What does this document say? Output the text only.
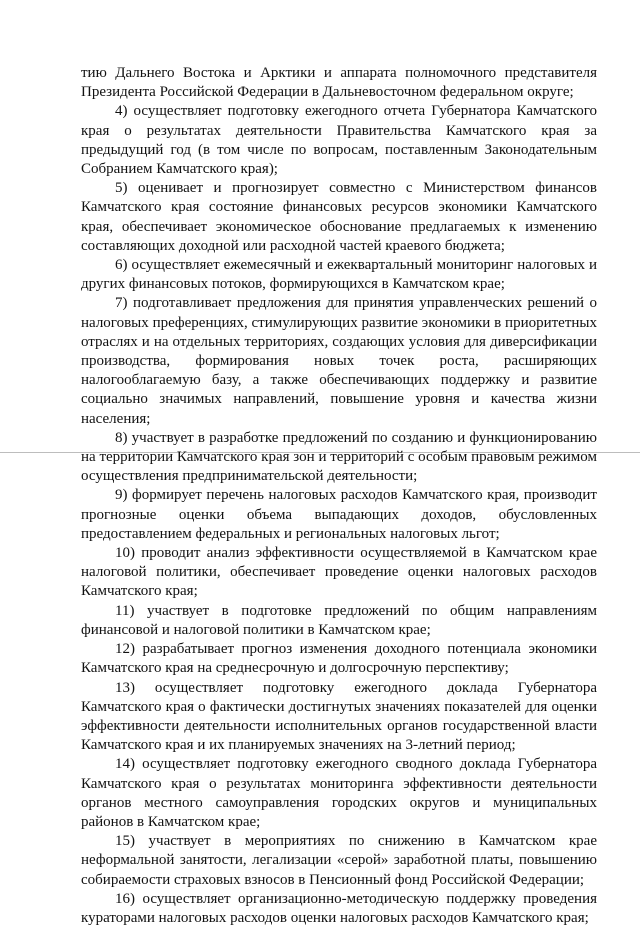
тию Дальнего Востока и Арктики и аппарата полномочного представителя Президента Российской Федерации в Дальневосточном федеральном округе;

4) осуществляет подготовку ежегодного отчета Губернатора Камчатского края о результатах деятельности Правительства Камчатского края за предыдущий год (в том числе по вопросам, поставленным Законодательным Собранием Камчатского края);

5) оценивает и прогнозирует совместно с Министерством финансов Камчатского края состояние финансовых ресурсов экономики Камчатского края, обеспечивает экономическое обоснование предлагаемых к изменению составляющих доходной или расходной частей краевого бюджета;

6) осуществляет ежемесячный и ежеквартальный мониторинг налоговых и других финансовых потоков, формирующихся в Камчатском крае;

7) подготавливает предложения для принятия управленческих решений о налоговых преференциях, стимулирующих развитие экономики в приоритетных отраслях и на отдельных территориях, создающих условия для диверсификации производства, формирования новых точек роста, расширяющих налогооблагаемую базу, а также обеспечивающих поддержку и развитие социально значимых направлений, повышение уровня и качества жизни населения;

8) участвует в разработке предложений по созданию и функционированию на территории Камчатского края зон и территорий с особым правовым режимом осуществления предпринимательской деятельности;

9) формирует перечень налоговых расходов Камчатского края, производит прогнозные оценки объема выпадающих доходов, обусловленных предоставлением федеральных и региональных налоговых льгот;

10) проводит анализ эффективности осуществляемой в Камчатском крае налоговой политики, обеспечивает проведение оценки налоговых расходов Камчатского края;

11) участвует в подготовке предложений по общим направлениям финансовой и налоговой политики в Камчатском крае;

12) разрабатывает прогноз изменения доходного потенциала экономики Камчатского края на среднесрочную и долгосрочную перспективу;

13) осуществляет подготовку ежегодного доклада Губернатора Камчатского края о фактически достигнутых значениях показателей для оценки эффективности деятельности исполнительных органов государственной власти Камчатского края и их планируемых значениях на 3-летний период;

14) осуществляет подготовку ежегодного сводного доклада Губернатора Камчатского края о результатах мониторинга эффективности деятельности органов местного самоуправления городских округов и муниципальных районов в Камчатском крае;

15) участвует в мероприятиях по снижению в Камчатском крае неформальной занятости, легализации «серой» заработной платы, повышению собираемости страховых взносов в Пенсионный фонд Российской Федерации;

16) осуществляет организационно-методическую поддержку проведения кураторами налоговых расходов оценки налоговых расходов Камчатского края;
